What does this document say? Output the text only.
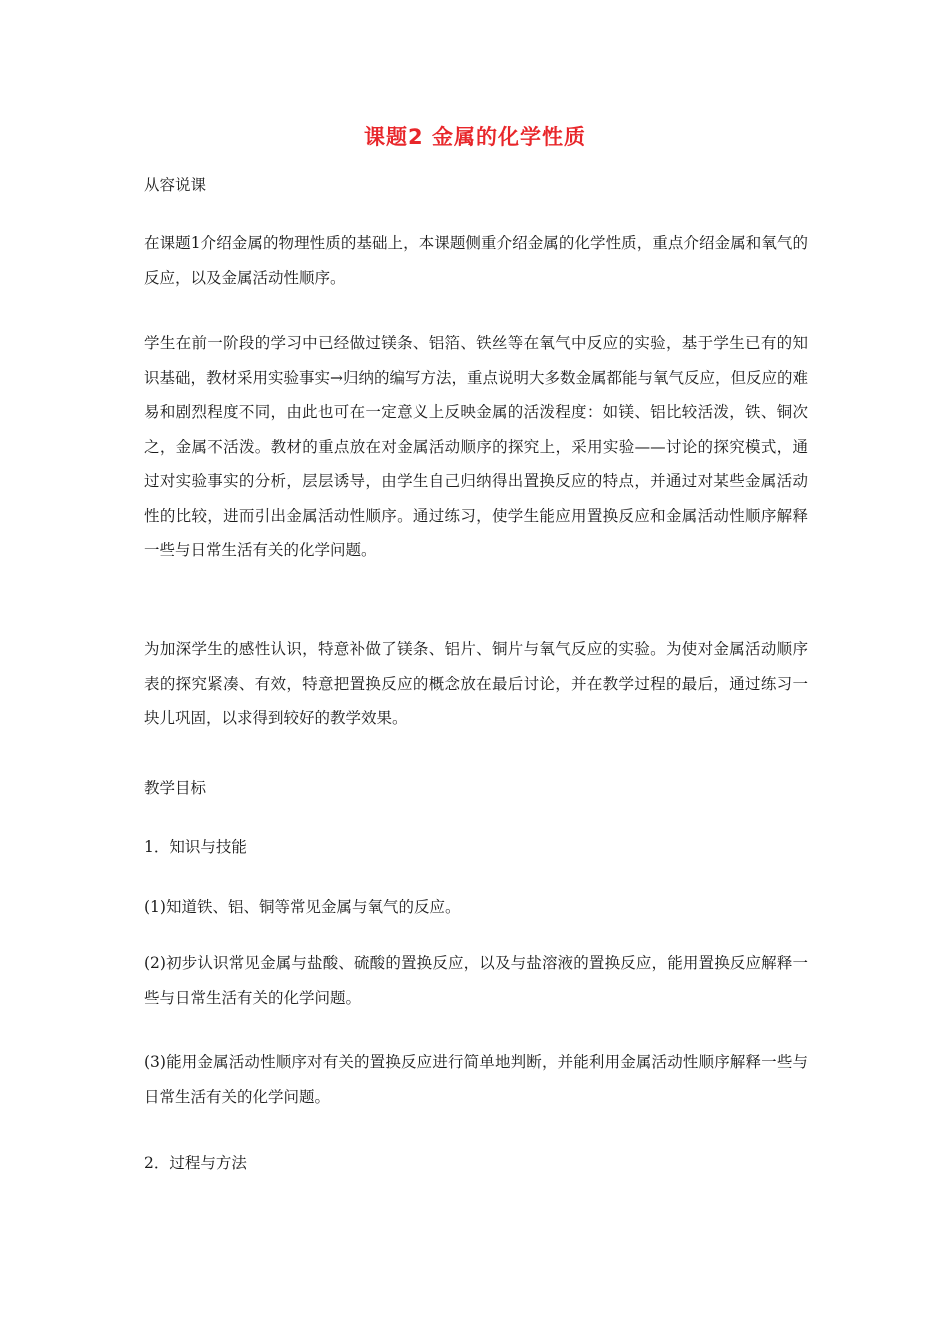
课题2 金属的化学性质
从容说课
在课题1介绍金属的物理性质的基础上，本课题侧重介绍金属的化学性质，重点介绍金属和氧气的反应，以及金属活动性顺序。
学生在前一阶段的学习中已经做过镁条、铝箔、铁丝等在氧气中反应的实验，基于学生已有的知识基础，教材采用实验事实→归纳的编写方法，重点说明大多数金属都能与氧气反应，但反应的难易和剧烈程度不同，由此也可在一定意义上反映金属的活泼程度：如镁、铝比较活泼，铁、铜次之，金属不活泼。教材的重点放在对金属活动顺序的探究上，采用实验——讨论的探究模式，通过对实验事实的分析，层层诱导，由学生自己归纳得出置换反应的特点，并通过对某些金属活动性的比较，进而引出金属活动性顺序。通过练习，使学生能应用置换反应和金属活动性顺序解释一些与日常生活有关的化学问题。
为加深学生的感性认识，特意补做了镁条、铝片、铜片与氧气反应的实验。为使对金属活动顺序表的探究紧凑、有效，特意把置换反应的概念放在最后讨论，并在教学过程的最后，通过练习一块儿巩固，以求得到较好的教学效果。
教学目标
1．知识与技能
(1)知道铁、铝、铜等常见金属与氧气的反应。
(2)初步认识常见金属与盐酸、硫酸的置换反应，以及与盐溶液的置换反应，能用置换反应解释一些与日常生活有关的化学问题。
(3)能用金属活动性顺序对有关的置换反应进行简单地判断，并能利用金属活动性顺序解释一些与日常生活有关的化学问题。
2．过程与方法
